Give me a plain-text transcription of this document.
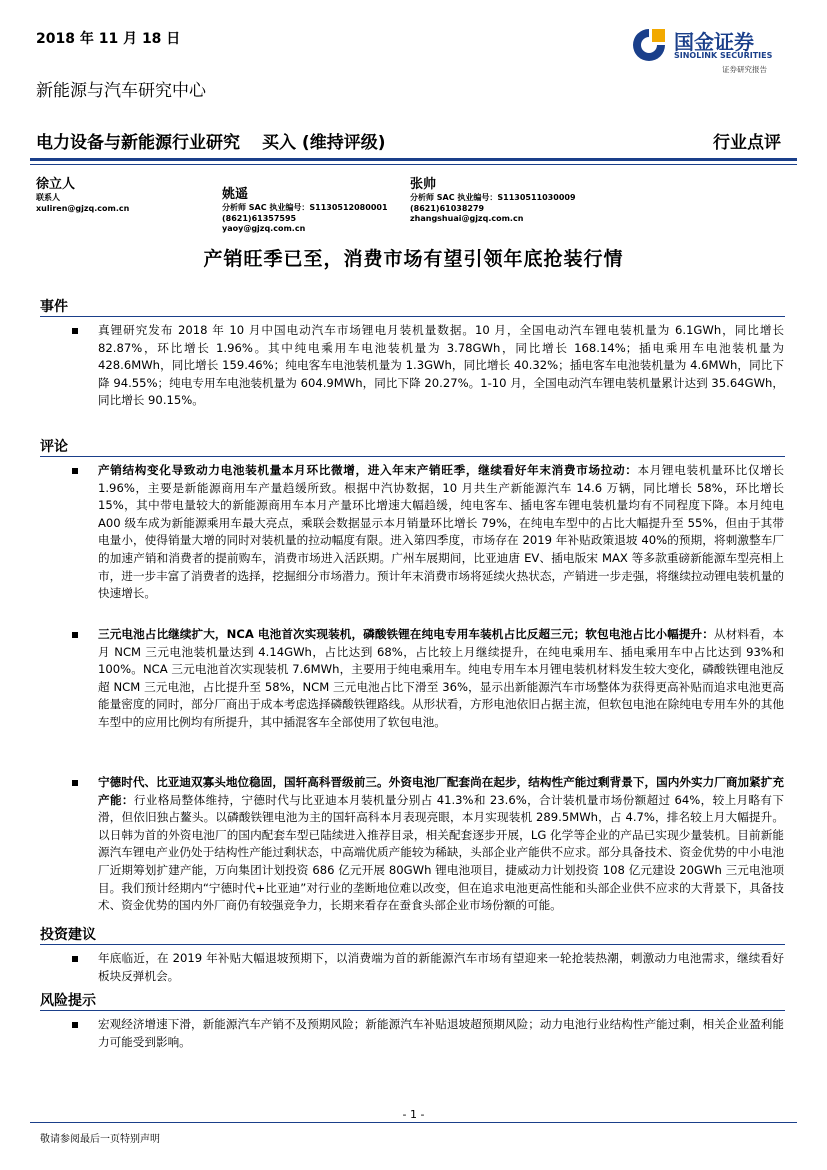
2018 年 11 月 18 日
新能源与汽车研究中心
国金证券
SINOLINK SECURITIES
证券研究报告
电力设备与新能源行业研究 买入 (维持评级)	行业点评
徐立人
联系人
xuliren@gjzq.com.cn
姚遥
分析师 SAC 执业编号：S1130512080001
(8621)61357595
yaoy@gjzq.com.cn
张帅
分析师 SAC 执业编号：S1130511030009
(8621)61038279
zhangshuai@gjzq.com.cn
产销旺季已至，消费市场有望引领年底抢装行情
事件
真锂研究发布 2018 年 10 月中国电动汽车市场锂电月装机量数据。10 月，全国电动汽车锂电装机量为 6.1GWh，同比增长 82.87%，环比增长 1.96%。其中纯电乘用车电池装机量为 3.78GWh，同比增长 168.14%；插电乘用车电池装机量为 428.6MWh，同比增长 159.46%；纯电客车电池装机量为 1.3GWh，同比增长 40.32%；插电客车电池装机量为 4.6MWh，同比下降 94.55%；纯电专用车电池装机量为 604.9MWh，同比下降 20.27%。1-10 月，全国电动汽车锂电装机量累计达到 35.64GWh，同比增长 90.15%。
评论
产销结构变化导致动力电池装机量本月环比微增，进入年末产销旺季，继续看好年末消费市场拉动：本月锂电装机量环比仅增长 1.96%，主要是新能源商用车产量趋缓所致。根据中汽协数据，10 月共生产新能源汽车 14.6 万辆，同比增长 58%，环比增长 15%，其中带电量较大的新能源商用车本月产量环比增速大幅趋缓，纯电客车、插电客车锂电装机量均有不同程度下降。本月纯电 A00 级车成为新能源乘用车最大亮点，乘联会数据显示本月销量环比增长 79%，在纯电车型中的占比大幅提升至 55%，但由于其带电量小，使得销量大增的同时对装机量的拉动幅度有限。进入第四季度，市场存在 2019 年补贴政策退坡 40%的预期，将刺激整车厂的加速产销和消费者的提前购车，消费市场进入活跃期。广州车展期间，比亚迪唐 EV、插电版宋 MAX 等多款重磅新能源车型亮相上市，进一步丰富了消费者的选择，挖掘细分市场潜力。预计年末消费市场将延续火热状态，产销进一步走强，将继续拉动锂电装机量的快速增长。
三元电池占比继续扩大，NCA 电池首次实现装机，磷酸铁锂在纯电专用车装机占比反超三元；软包电池占比小幅提升：从材料看，本月 NCM 三元电池装机量达到 4.14GWh，占比达到 68%，占比较上月继续提升，在纯电乘用车、插电乘用车中占比达到 93%和 100%。NCA 三元电池首次实现装机 7.6MWh，主要用于纯电乘用车。纯电专用车本月锂电装机材料发生较大变化，磷酸铁锂电池反超 NCM 三元电池，占比提升至 58%，NCM 三元电池占比下滑至 36%，显示出新能源汽车市场整体为获得更高补贴而追求电池更高能量密度的同时，部分厂商出于成本考虑选择磷酸铁锂路线。从形状看，方形电池依旧占据主流，但软包电池在除纯电专用车外的其他车型中的应用比例均有所提升，其中插混客车全部使用了软包电池。
宁德时代、比亚迪双寡头地位稳固，国轩高科晋级前三。外资电池厂配套尚在起步，结构性产能过剩背景下，国内外实力厂商加紧扩充产能：行业格局整体维持，宁德时代与比亚迪本月装机量分别占 41.3%和 23.6%，合计装机量市场份额超过 64%，较上月略有下滑，但依旧独占鳌头。以磷酸铁锂电池为主的国轩高科本月表现亮眼，本月实现装机 289.5MWh，占 4.7%，排名较上月大幅提升。以日韩为首的外资电池厂的国内配套车型已陆续进入推荐目录，相关配套逐步开展，LG 化学等企业的产品已实现少量装机。目前新能源汽车锂电产业仍处于结构性产能过剩状态，中高端优质产能较为稀缺，头部企业产能供不应求。部分具备技术、资金优势的中小电池厂近期筹划扩建产能，万向集团计划投资 686 亿元开展 80GWh 锂电池项目，捷威动力计划投资 108 亿元建设 20GWh 三元电池项目。我们预计经期内“宁德时代+比亚迪”对行业的垄断地位难以改变，但在追求电池更高性能和头部企业供不应求的大背景下，具备技术、资金优势的国内外厂商仍有较强竞争力，长期来看存在蚕食头部企业市场份额的可能。
投资建议
年底临近，在 2019 年补贴大幅退坡预期下，以消费端为首的新能源汽车市场有望迎来一轮抢装热潮，刺激动力电池需求，继续看好板块反弹机会。
风险提示
宏观经济增速下滑，新能源汽车产销不及预期风险；新能源汽车补贴退坡超预期风险；动力电池行业结构性产能过剩，相关企业盈利能力可能受到影响。
- 1 -
敬请参阅最后一页特别声明
